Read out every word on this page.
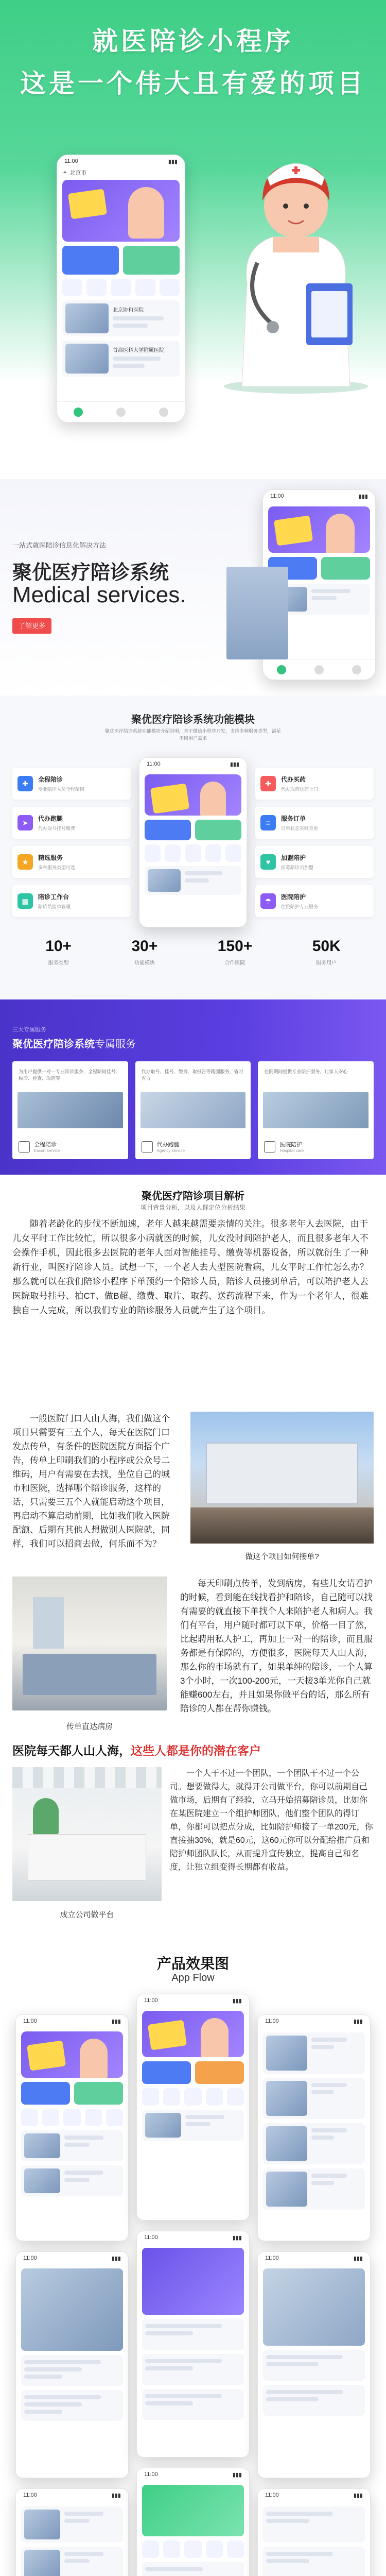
就医陪诊小程序
这是一个伟大且有爱的项目
11:00	▮▮▮
⌖ 北京市
北京协和医院
首都医科大学附属医院
11:00	▮▮▮
一站式就医陪诊信息化解决方法
聚优医疗陪诊系统
Medical services.
了解更多
聚优医疗陪诊系统功能模块
聚优医疗陪诊系统功能模块介绍说明，基于微信小程序开发，支持多种服务类型，满足不同用户需求
✚	全程陪诊
专业陪诊人员全程陪同
➤	代办跑腿
代办取号挂号缴费
★	精选服务
多种服务类型可选
▦	陪诊工作台
陪诊员接单管理
11:00	▮▮▮
✚	代办买药
代办取药送药上门
≡	服务订单
订单状态实时查看
♥	加盟陪护
招募陪诊员加盟
☂	医院陪护
住院陪护专业服务
10+
服务类型
30+
功能模块
150+
合作医院
50K
服务用户
三大专属服务
聚优医疗陪诊系统专属服务
为用户提供一对一专业陪诊服务，全程陪同挂号、候诊、检查、取药等
全程陪诊
Escort service
代办取号、挂号、缴费、取报告等跑腿服务，省时省力
代办跑腿
Agency service
住院期间提供专业陪护服务，让家人安心
医院陪护
Hospital care
聚优医疗陪诊项目解析
项目背景分析，以及人群定位分析结果
随着老龄化的步伐不断加速，老年人越来越需要亲情的关注。很多老年人去医院，由于儿女平时工作比较忙，所以很多小病就医的时候，儿女没时间陪护老人，而且很多老年人不会操作手机，因此很多去医院的老年人面对智能挂号、缴费等机器设备，所以就衍生了一种新行业，叫医疗陪诊人员。试想一下，一个老人去大型医院看病，儿女平时工作忙怎么办？那么就可以在我们陪诊小程序下单预约一个陪诊人员，陪诊人员接到单后，可以陪护老人去医院取号挂号、拍CT、做B超、缴费、取片、取药、送药流程下来，作为一个老年人，很难独自一人完成，所以我们专业的陪诊服务人员就产生了这个项目。
一般医院门口人山人海，我们做这个项目只需要有三五个人，每天在医院门口发点传单，有条件的医院医院方面搭个广告，传单上印刷我们的小程序或公众号二维码，用户有需要在去找，坐位自己的城市和医院，选择哪个陪诊服务，这样的话，只需要三五个人就能启动这个项目，再启动不算启动前期，比如我们收入医院配额、后期有其他人想做别人医院就，同样，我们可以招商去做，何乐而不为？
做这个项目如何接单?
传单直达病房
每天印刷点传单，发到病房，有些儿女请看护的时候，看到能在线找看护和陪诊，自己随可以找有需要的就直接下单找个人来陪护老人和病人。我们有平台，用户随时都可以下单，价格一目了然，比起聘用私人护工，再加上一对一的陪诊，而且服务都是有保障的，方便很多，医院每天人山人海，那么你的市场就有了，如果单纯的陪诊，一个人算3个小时，一次100-200元，一天接3单光你自己就能赚600左右，并且如果你做平台的话，那么所有陪诊的人都在帮你赚钱。
医院每天都人山人海，这些人都是你的潜在客户
一个人干不过一个团队，一个团队干不过一个公司。想要做得大，就得开公司做平台，你可以前期自己做市场，后期有了经验，立马开始招募陪诊员，比如你在某医院建立一个组护师团队，他们整个团队的得订单，你都可以把点分成，比如陪护师接了一单200元，你直接抽30%，就是60元，这60元你可以分配给推广员和陪护师团队队长，从而提升宣传独立，提高自己和名度，让独立组变得长期都有收益。
成立公司做平台
产品效果图
App Flow
11:00	▮▮▮
11:00	▮▮▮
11:00	▮▮▮
11:00	▮▮▮
11:00	▮▮▮
11:00	▮▮▮
11:00	▮▮▮
11:00	▮▮▮
11:00	▮▮▮
